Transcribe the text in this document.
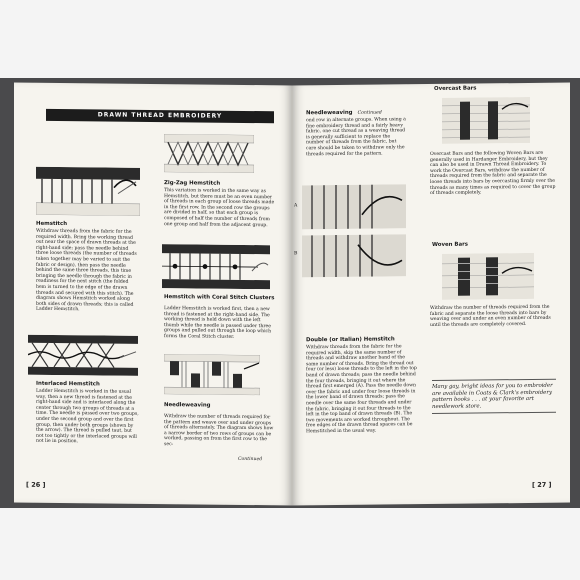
DRAWN THREAD EMBROIDERY
Hemstitch
Withdraw threads from the fabric for the required width. Bring the working thread out near the space of drawn threads at the right-hand side; pass the needle behind three loose threads (the number of threads taken together may be varied to suit the fabric or design), then pass the needle behind the same three threads, this time bringing the needle through the fabric in readiness for the next stitch (the folded hem is turned to the edge of the drawn threads and secured with this stitch). The diagram shows Hemstitch worked along both sides of drawn threads; this is called Ladder Hemstitch.
Interlaced Hemstitch
Ladder Hemstitch is worked in the usual way, then a new thread is fastened at the right-hand side and is interlaced along the center through two groups of threads at a time. The needle is passed over two groups, under the second group and over the first group, then under both groups (shown by the arrow). The thread is pulled taut, but not too tightly or the interlaced groups will not lie in position.
Zig-Zag Hemstitch
This variation is worked in the same way as Hemstitch, but there must be an even number of threads in each group of loose threads made in the first row. In the second row the groups are divided in half, so that each group is composed of half the number of threads from one group and half from the adjacent group.
Hemstitch with Coral Stitch Clusters
Ladder Hemstitch is worked first, then a new thread is fastened at the right-hand side. The working thread is held down with the left thumb while the needle is passed under three groups and pulled out through the loop which forms the Coral Stitch cluster.
Needleweaving
Withdraw the number of threads required for the pattern and weave over and under groups of threads alternately. The diagram shows how a narrow border of two rows of groups can be worked, passing on from the first row to the sec-
Continued
[ 26 ]
Needleweaving Continued
ond row in alternate groups. When using a fine embroidery thread and a fairly heavy fabric, one cut thread as a weaving thread is generally sufficient to replace the number of threads from the fabric, but care should be taken to withdraw only the threads required for the pattern.
A
B
Double (or Italian) Hemstitch
Withdraw threads from the fabric for the required width, skip the same number of threads and withdraw another band of the same number of threads. Bring the thread out four (or less) loose threads to the left in the top band of drawn threads; pass the needle behind the four threads, bringing it out where the thread first emerged (A). Pass the needle down over the fabric and under four loose threads in the lower band of drawn threads; pass the needle over the same four threads and under the fabric, bringing it out four threads to the left in the top band of drawn threads (B). The two movements are worked throughout. The free edges of the drawn thread spaces can be Hemstitched in the usual way.
Overcast Bars
Overcast Bars and the following Woven Bars are generally used in Hardanger Embroidery, but they can also be used in Drawn Thread Embroidery. To work the Overcast Bars, withdraw the number of threads required from the fabric and separate the loose threads into bars by overcasting firmly over the threads as many times as required to cover the group of threads completely.
Woven Bars
Withdraw the number of threads required from the fabric and separate the loose threads into bars by weaving over and under an even number of threads until the threads are completely covered.
Many gay, bright ideas for you to embroider are available in Coats & Clark's embroidery pattern books . . . at your favorite art needlework store.
[ 27 ]
